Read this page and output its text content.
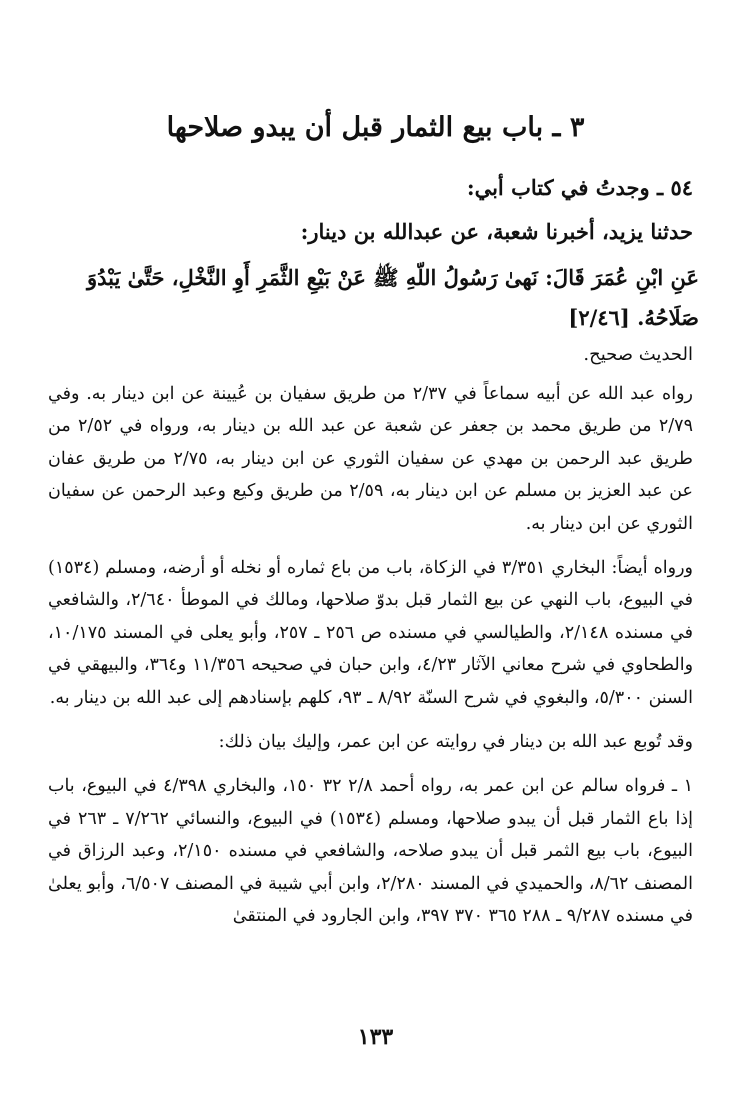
٣ ـ باب بيع الثمار قبل أن يبدو صلاحها

٥٤ ـ وجدتُ في كتاب أبي:

حدثنا يزيد، أخبرنا شعبة، عن عبدالله بن دينار:

عَنِ ابْنِ عُمَرَ قَالَ: نَهىٰ رَسُولُ اللّهِ ﷺ عَنْ بَيْعِ الثَّمَرِ أَوِ النَّخْلِ، حَتَّىٰ يَبْدُوَ صَلَاحُهُ. [٢/٤٦]
الحديث صحيح.

رواه عبد الله عن أبيه سماعاً في ٢/٣٧ من طريق سفيان بن عُيينة عن ابن دينار به. وفي ٢/٧٩ من طريق محمد بن جعفر عن شعبة عن عبد الله بن دينار به، ورواه في ٢/٥٢ من طريق عبد الرحمن بن مهدي عن سفيان الثوري عن ابن دينار به، ٢/٧٥ من طريق عفان عن عبد العزيز بن مسلم عن ابن دينار به، ٢/٥٩ من طريق وكيع وعبد الرحمن عن سفيان الثوري عن ابن دينار به.

ورواه أيضاً: البخاري ٣/٣٥١ في الزكاة، باب من باع ثماره أو نخله أو أرضه، ومسلم (١٥٣٤) في البيوع، باب النهي عن بيع الثمار قبل بدوّ صلاحها، ومالك في الموطأ ٢/٦٤٠، والشافعي في مسنده ٢/١٤٨، والطيالسي في مسنده ص ٢٥٦ ـ ٢٥٧، وأبو يعلى في المسند ١٠/١٧٥، والطحاوي في شرح معاني الآثار ٤/٢٣، وابن حبان في صحيحه ١١/٣٥٦ و٣٦٤، والبيهقي في السنن ٥/٣٠٠، والبغوي في شرح السنّة ٨/٩٢ ـ ٩٣، كلهم بإسنادهم إلى عبد الله بن دينار به.

وقد تُوبع عبد الله بن دينار في روايته عن ابن عمر، وإليك بيان ذلك:

١ ـ فرواه سالم عن ابن عمر به، رواه أحمد ٢/٨ ٣٢ ١٥٠، والبخاري ٤/٣٩٨ في البيوع، باب إذا باع الثمار قبل أن يبدو صلاحها، ومسلم (١٥٣٤) في البيوع، والنسائي ٧/٢٦٢ ـ ٢٦٣ في البيوع، باب بيع الثمر قبل أن يبدو صلاحه، والشافعي في مسنده ٢/١٥٠، وعبد الرزاق في المصنف ٨/٦٢، والحميدي في المسند ٢/٢٨٠، وابن أبي شيبة في المصنف ٦/٥٠٧، وأبو يعلىٰ في مسنده ٩/٢٨٧ ـ ٢٨٨ ٣٦٥ ٣٧٠ ٣٩٧، وابن الجارود في المنتقىٰ

١٣٣
